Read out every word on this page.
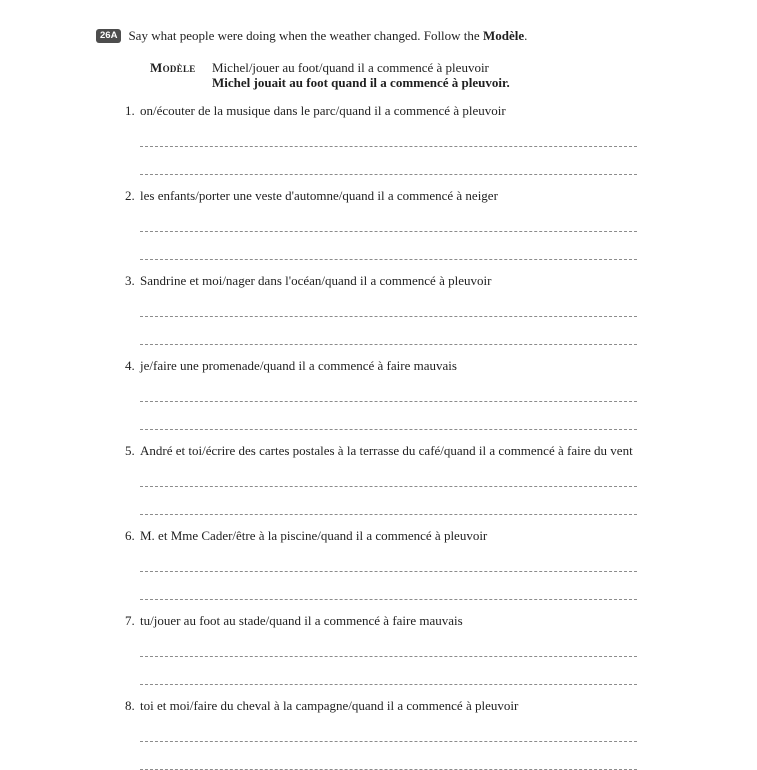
26A Say what people were doing when the weather changed. Follow the Modèle.
Modèle	Michel/jouer au foot/quand il a commencé à pleuvoir
Michel jouait au foot quand il a commencé à pleuvoir.
1. on/écouter de la musique dans le parc/quand il a commencé à pleuvoir
2. les enfants/porter une veste d'automne/quand il a commencé à neiger
3. Sandrine et moi/nager dans l'océan/quand il a commencé à pleuvoir
4. je/faire une promenade/quand il a commencé à faire mauvais
5. André et toi/écrire des cartes postales à la terrasse du café/quand il a commencé à faire du vent
6. M. et Mme Cader/être à la piscine/quand il a commencé à pleuvoir
7. tu/jouer au foot au stade/quand il a commencé à faire mauvais
8. toi et moi/faire du cheval à la campagne/quand il a commencé à pleuvoir
